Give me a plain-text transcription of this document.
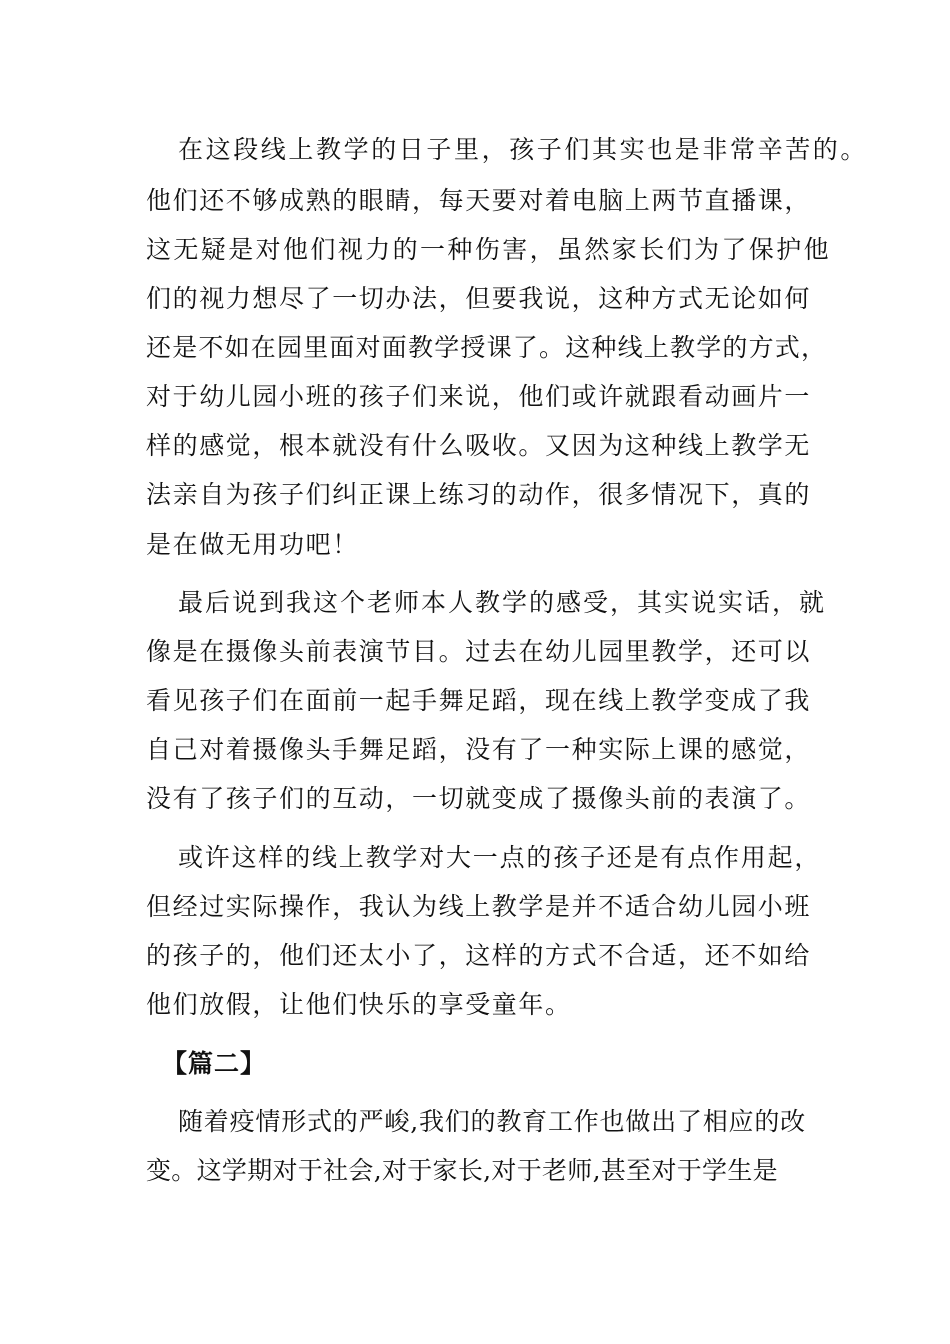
在这段线上教学的日子里，孩子们其实也是非常辛苦的。
他们还不够成熟的眼睛，每天要对着电脑上两节直播课，
这无疑是对他们视力的一种伤害，虽然家长们为了保护他
们的视力想尽了一切办法，但要我说，这种方式无论如何
还是不如在园里面对面教学授课了。这种线上教学的方式，
对于幼儿园小班的孩子们来说，他们或许就跟看动画片一
样的感觉，根本就没有什么吸收。又因为这种线上教学无
法亲自为孩子们纠正课上练习的动作，很多情况下，真的
是在做无用功吧！
最后说到我这个老师本人教学的感受，其实说实话，就
像是在摄像头前表演节目。过去在幼儿园里教学，还可以
看见孩子们在面前一起手舞足蹈，现在线上教学变成了我
自己对着摄像头手舞足蹈，没有了一种实际上课的感觉，
没有了孩子们的互动，一切就变成了摄像头前的表演了。
或许这样的线上教学对大一点的孩子还是有点作用起，
但经过实际操作，我认为线上教学是并不适合幼儿园小班
的孩子的，他们还太小了，这样的方式不合适，还不如给
他们放假，让他们快乐的享受童年。
【篇二】
随着疫情形式的严峻,我们的教育工作也做出了相应的改
变。这学期对于社会,对于家长,对于老师,甚至对于学生是
